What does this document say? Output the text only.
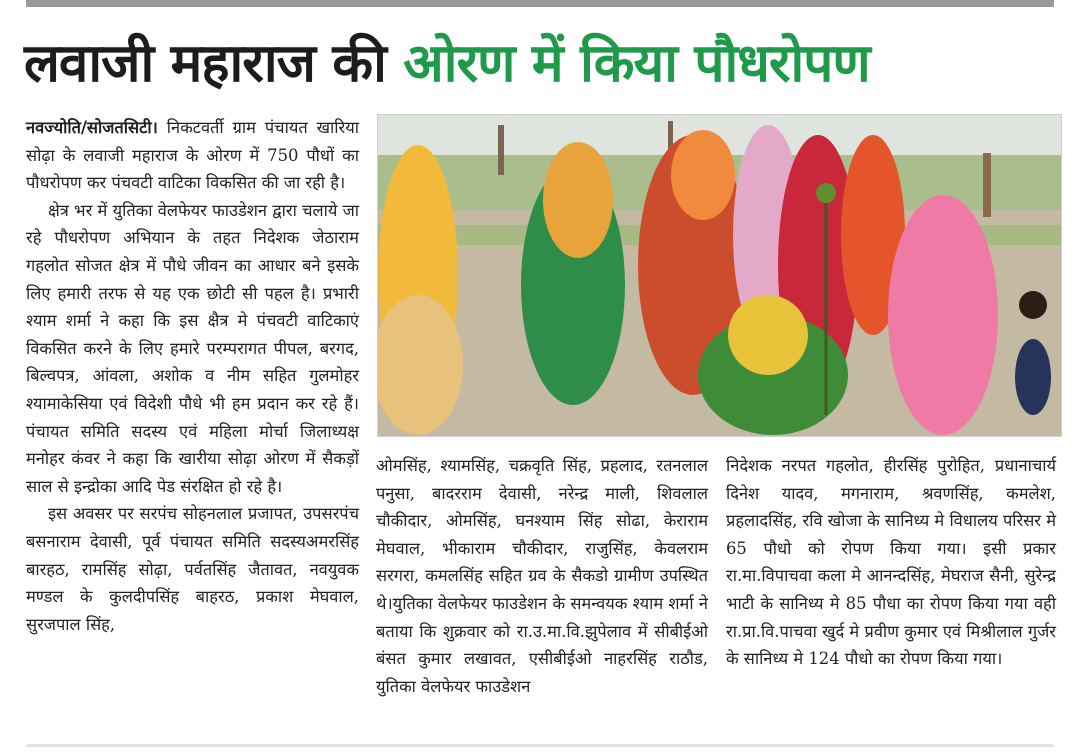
लवाजी महाराज की ओरण में किया पौधरोपण

नवज्योति/सोजतसिटी। निकटवर्ती ग्राम पंचायत खारिया सोढ़ा के लवाजी महाराज के ओरण में 750 पौधों का पौधरोपण कर पंचवटी वाटिका विकसित की जा रही है।

क्षेत्र भर में युतिका वेलफेयर फाउडेशन द्वारा चलाये जा रहे पौधरोपण अभियान के तहत निदेशक जेठाराम गहलोत सोजत क्षेत्र में पौधे जीवन का आधार बने इसके लिए हमारी तरफ से यह एक छोटी सी पहल है। प्रभारी श्याम शर्मा ने कहा कि इस क्षैत्र मे पंचवटी वाटिकाएं विकसित करने के लिए हमारे परम्परागत पीपल, बरगद, बिल्वपत्र, आंवला, अशोक व नीम सहित गुलमोहर श्यामाकेसिया एवं विदेशी पौधे भी हम प्रदान कर रहे हैं। पंचायत समिति सदस्य एवं महिला मोर्चा जिलाध्यक्ष मनोहर कंवर ने कहा कि खारीया सोढ़ा ओरण में सैकड़ों साल से इन्द्रोका आदि पेड संरक्षित हो रहे है।

इस अवसर पर सरपंच सोहनलाल प्रजापत, उपसरपंच बसनाराम देवासी, पूर्व पंचायत समिति सदस्यअमरसिंह बारहठ, रामसिंह सोढ़ा, पर्वतसिंह जैतावत, नवयुवक मण्डल के कुलदीपसिंह बाहरठ, प्रकाश मेघवाल, सुरजपाल सिंह,

ओमसिंह, श्यामसिंह, चक्रवृति सिंह, प्रहलाद, रतनलाल पनुसा, बादरराम देवासी, नरेन्द्र माली, शिवलाल चौकीदार, ओमसिंह, घनश्याम सिंह सोढा, केराराम मेघवाल, भीकाराम चौकीदार, राजुसिंह, केवलराम सरगरा, कमलसिंह सहित ग्रव के सैकडो ग्रामीण उपस्थित थे।युतिका वेलफेयर फाउडेशन के समन्वयक श्याम शर्मा ने बताया कि शुक्रवार को रा.उ.मा.वि.झुपेलाव में सीबीईओ बंसत कुमार लखावत, एसीबीईओ नाहरसिंह राठौड, युतिका वेलफेयर फाउडेशन

निदेशक नरपत गहलोत, हीरसिंह पुरोहित, प्रधानाचार्य दिनेश यादव, मगनाराम, श्रवणसिंह, कमलेश, प्रहलादसिंह, रवि खोजा के सानिध्य मे विधालय परिसर मे 65 पौधो को रोपण किया गया। इसी प्रकार रा.मा.विपाचवा कला मे आनन्दसिंह, मेघराज सैनी, सुरेन्द्र भाटी के सानिध्य मे 85 पौधा का रोपण किया गया वही रा.प्रा.वि.पाचवा खुर्द मे प्रवीण कुमार एवं मिश्रीलाल गुर्जर के सानिध्य मे 124 पौधो का रोपण किया गया।
